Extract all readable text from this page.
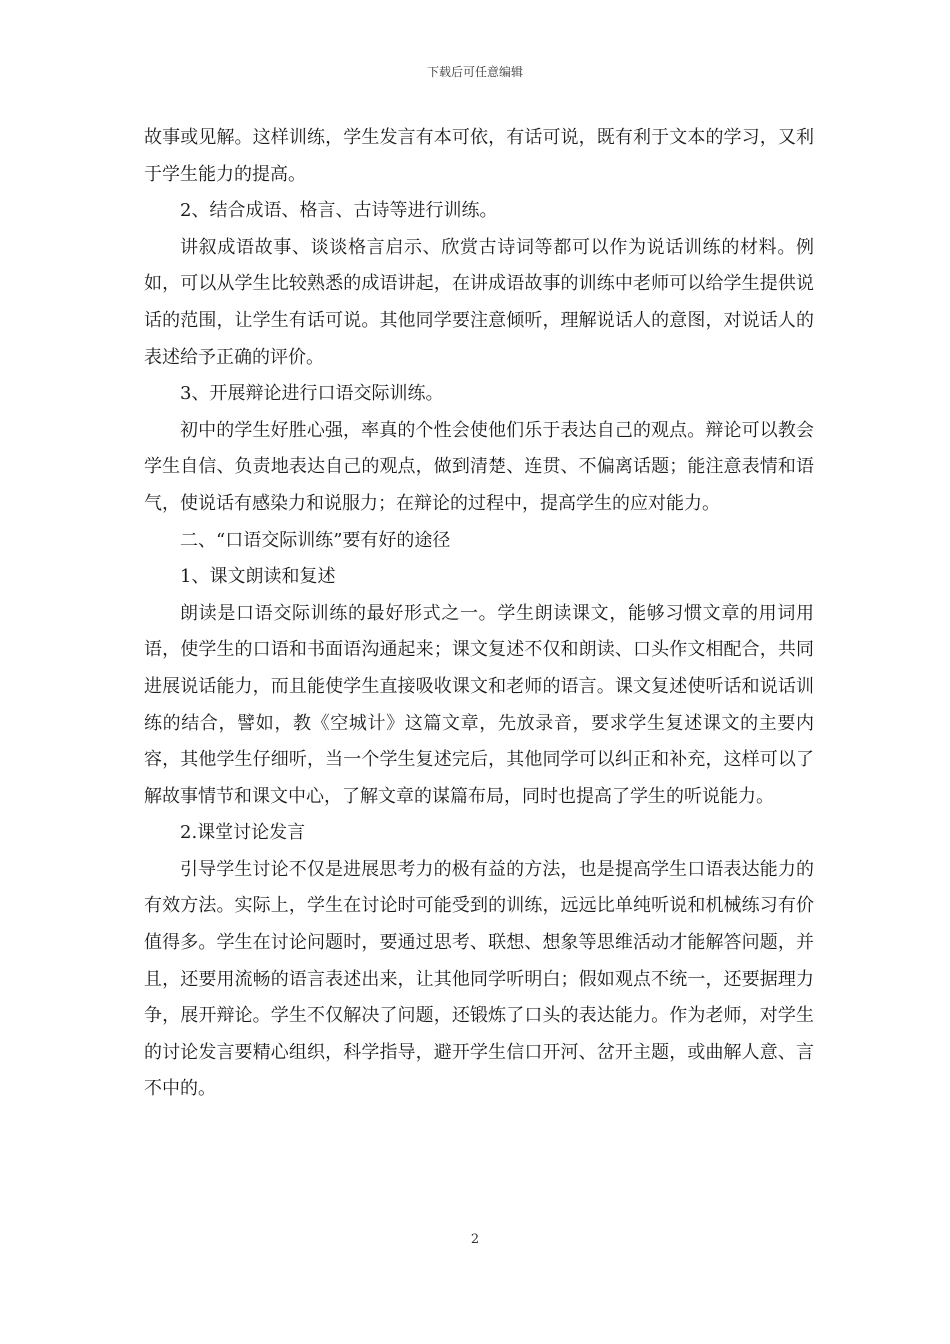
下载后可任意编辑

故事或见解。这样训练，学生发言有本可依，有话可说，既有利于文本的学习，又利于学生能力的提高。

2、结合成语、格言、古诗等进行训练。

讲叙成语故事、谈谈格言启示、欣赏古诗词等都可以作为说话训练的材料。例如，可以从学生比较熟悉的成语讲起，在讲成语故事的训练中老师可以给学生提供说话的范围，让学生有话可说。其他同学要注意倾听，理解说话人的意图，对说话人的表述给予正确的评价。

3、开展辩论进行口语交际训练。

初中的学生好胜心强，率真的个性会使他们乐于表达自己的观点。辩论可以教会学生自信、负责地表达自己的观点，做到清楚、连贯、不偏离话题；能注意表情和语气，使说话有感染力和说服力；在辩论的过程中，提高学生的应对能力。

二、“口语交际训练”要有好的途径

1、课文朗读和复述

朗读是口语交际训练的最好形式之一。学生朗读课文，能够习惯文章的用词用语，使学生的口语和书面语沟通起来；课文复述不仅和朗读、口头作文相配合，共同进展说话能力，而且能使学生直接吸收课文和老师的语言。课文复述使听话和说话训练的结合，譬如，教《空城计》这篇文章，先放录音，要求学生复述课文的主要内容，其他学生仔细听，当一个学生复述完后，其他同学可以纠正和补充，这样可以了解故事情节和课文中心，了解文章的谋篇布局，同时也提高了学生的听说能力。

2.课堂讨论发言

引导学生讨论不仅是进展思考力的极有益的方法，也是提高学生口语表达能力的有效方法。实际上，学生在讨论时可能受到的训练，远远比单纯听说和机械练习有价值得多。学生在讨论问题时，要通过思考、联想、想象等思维活动才能解答问题，并且，还要用流畅的语言表述出来，让其他同学听明白；假如观点不统一，还要据理力争，展开辩论。学生不仅解决了问题，还锻炼了口头的表达能力。作为老师，对学生的讨论发言要精心组织，科学指导，避开学生信口开河、岔开主题，或曲解人意、言不中的。

2
